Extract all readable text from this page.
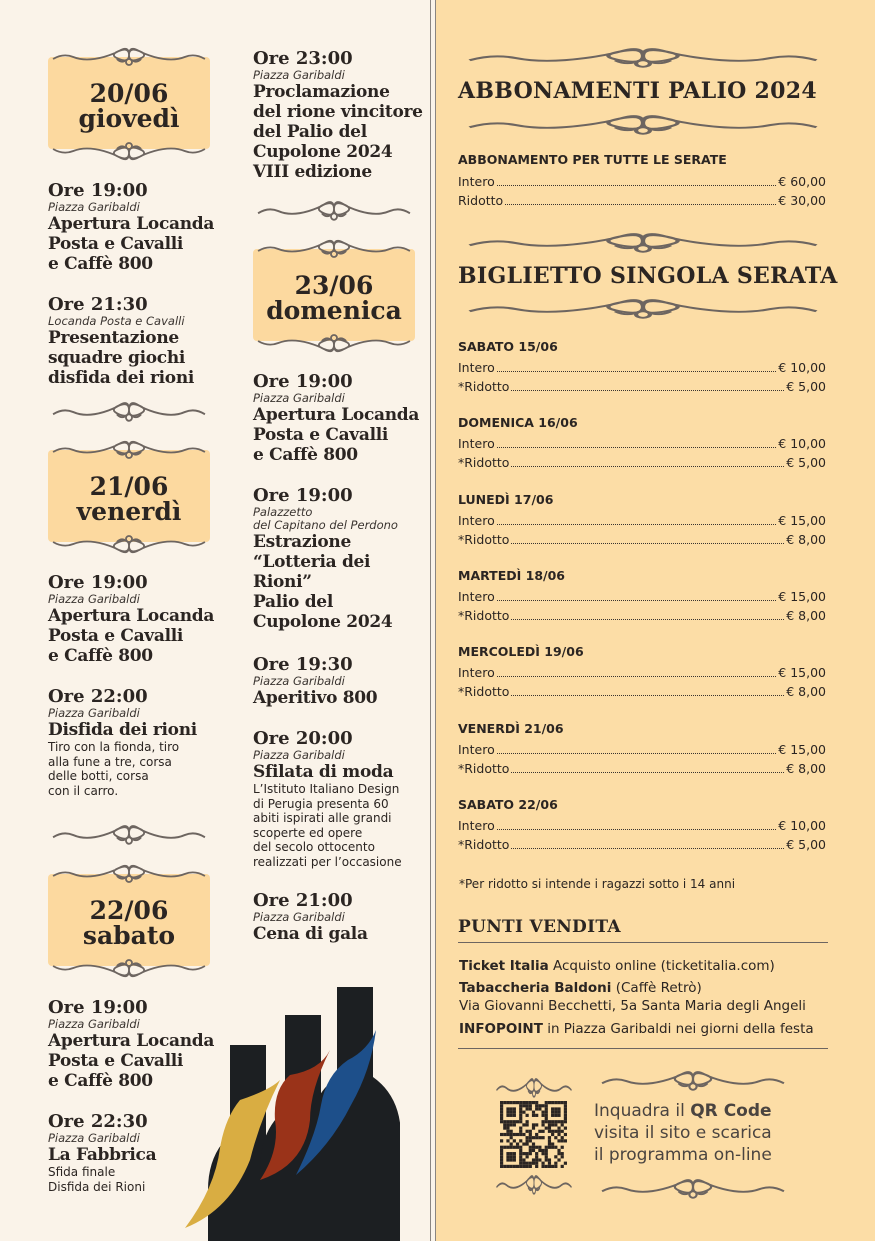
20/06
giovedì
21/06
venerdì
22/06
sabato
23/06
domenica
Ore 19:00
Piazza Garibaldi
Apertura Locanda
Posta e Cavalli
e Caffè 800
Ore 21:30
Locanda Posta e Cavalli
Presentazione
squadre giochi
disfida dei rioni
Ore 19:00
Piazza Garibaldi
Apertura Locanda
Posta e Cavalli
e Caffè 800
Ore 22:00
Piazza Garibaldi
Disfida dei rioni
Tiro con la fionda, tiro
alla fune a tre, corsa
delle botti, corsa
con il carro.
Ore 19:00
Piazza Garibaldi
Apertura Locanda
Posta e Cavalli
e Caffè 800
Ore 22:30
Piazza Garibaldi
La Fabbrica
Sfida finale
Disfida dei Rioni
Ore 23:00
Piazza Garibaldi
Proclamazione
del rione vincitore
del Palio del
Cupolone 2024
VIII edizione
Ore 19:00
Piazza Garibaldi
Apertura Locanda
Posta e Cavalli
e Caffè 800
Ore 19:00
Palazzetto
del Capitano del Perdono
Estrazione
“Lotteria dei
Rioni”
Palio del
Cupolone 2024
Ore 19:30
Piazza Garibaldi
Aperitivo 800
Ore 20:00
Piazza Garibaldi
Sfilata di moda
L’Istituto Italiano Design
di Perugia presenta 60
abiti ispirati alle grandi
scoperte ed opere
del secolo ottocento
realizzati per l’occasione
Ore 21:00
Piazza Garibaldi
Cena di gala
ABBONAMENTI PALIO 2024
ABBONAMENTO PER TUTTE LE SERATE
Intero	€ 60,00
Ridotto	€ 30,00
BIGLIETTO SINGOLA SERATA
SABATO 15/06
Intero	€ 10,00
*Ridotto	€ 5,00
DOMENICA 16/06
Intero	€ 10,00
*Ridotto	€ 5,00
LUNEDÌ 17/06
Intero	€ 15,00
*Ridotto	€ 8,00
MARTEDÌ 18/06
Intero	€ 15,00
*Ridotto	€ 8,00
MERCOLEDÌ 19/06
Intero	€ 15,00
*Ridotto	€ 8,00
VENERDÌ 21/06
Intero	€ 15,00
*Ridotto	€ 8,00
SABATO 22/06
Intero	€ 10,00
*Ridotto	€ 5,00
*Per ridotto si intende i ragazzi sotto i 14 anni
PUNTI VENDITA
Ticket Italia Acquisto online (ticketitalia.com)
Tabaccheria Baldoni (Caffè Retrò)
Via Giovanni Becchetti, 5a Santa Maria degli Angeli
INFOPOINT in Piazza Garibaldi nei giorni della festa
Inquadra il QR Code
visita il sito e scarica
il programma on-line
